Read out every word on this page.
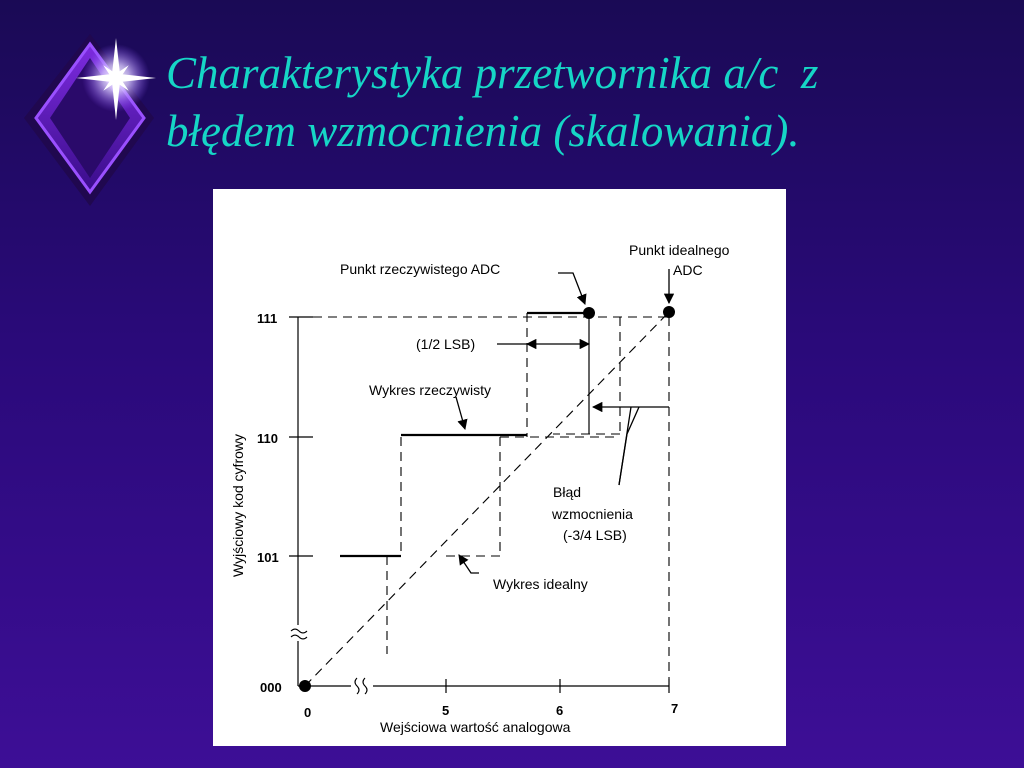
Charakterystyka przetwornika a/c  z
błędem wzmocnienia (skalowania).
111
110
101
000
0	5	6	7
Wejściowa wartość analogowa
Wyjściowy kod cyfrowy
Punkt rzeczywistego ADC
Punkt idealnego
ADC
(1/2 LSB)
Wykres rzeczywisty
Wykres idealny
Błąd
wzmocnienia
(-3/4 LSB)
